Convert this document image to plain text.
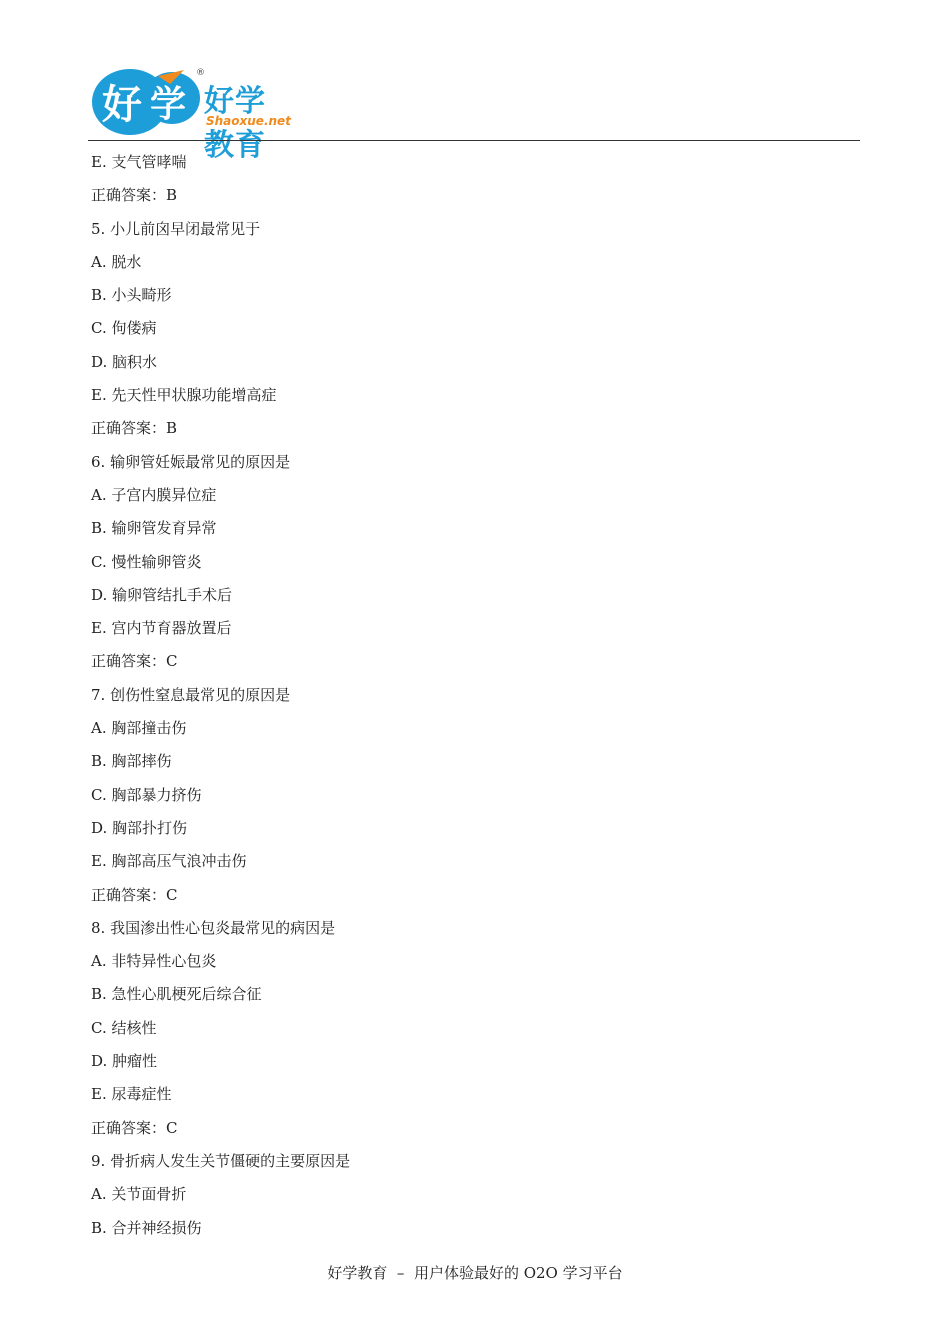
好 学
®
好学教育
Shaoxue.net
E. 支气管哮喘
正确答案：B
5. 小儿前囟早闭最常见于
A. 脱水
B. 小头畸形
C. 佝偻病
D. 脑积水
E. 先天性甲状腺功能增高症
正确答案：B
6. 输卵管妊娠最常见的原因是
A. 子宫内膜异位症
B. 输卵管发育异常
C. 慢性输卵管炎
D. 输卵管结扎手术后
E. 宫内节育器放置后
正确答案：C
7. 创伤性窒息最常见的原因是
A. 胸部撞击伤
B. 胸部摔伤
C. 胸部暴力挤伤
D. 胸部扑打伤
E. 胸部高压气浪冲击伤
正确答案：C
8. 我国渗出性心包炎最常见的病因是
A. 非特异性心包炎
B. 急性心肌梗死后综合征
C. 结核性
D. 肿瘤性
E. 尿毒症性
正确答案：C
9. 骨折病人发生关节僵硬的主要原因是
A. 关节面骨折
B. 合并神经损伤
好学教育  –  用户体验最好的 O2O 学习平台
